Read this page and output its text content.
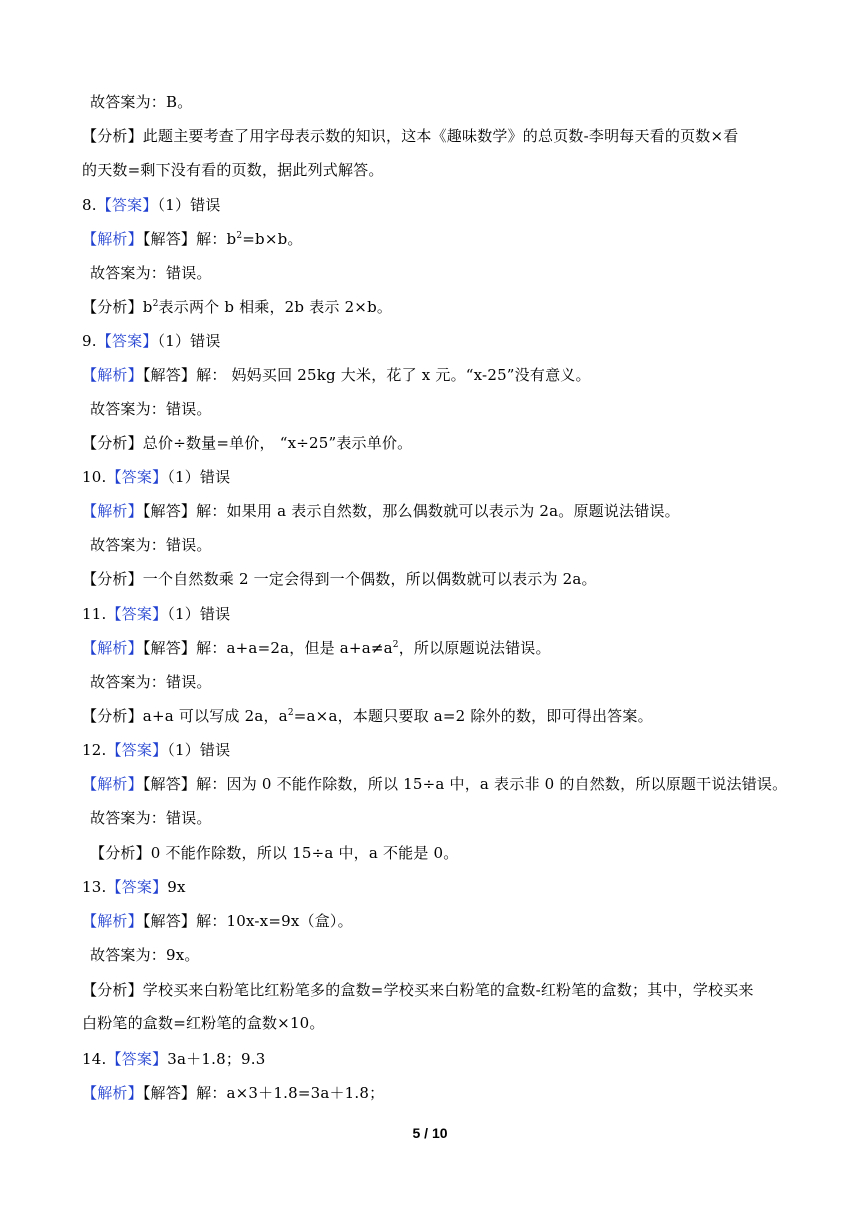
故答案为：B。
【分析】此题主要考查了用字母表示数的知识，这本《趣味数学》的总页数-李明每天看的页数×看
的天数=剩下没有看的页数，据此列式解答。
8.【答案】（1）错误
【解析】【解答】解：$b^2=b\times b$。
故答案为：错误。
【分析】$b^2$表示两个 b 相乘，2b 表示 2×b。
9.【答案】（1）错误
【解析】【解答】解： 妈妈买回 25kg 大米，花了 x 元。“x-25”没有意义。
故答案为：错误。
【分析】总价÷数量=单价， “x÷25”表示单价。
10.【答案】（1）错误
【解析】【解答】解：如果用 a 表示自然数，那么偶数就可以表示为 2a。原题说法错误。
故答案为：错误。
【分析】一个自然数乘 2 一定会得到一个偶数，所以偶数就可以表示为 2a。
11.【答案】（1）错误
【解析】【解答】解：a+a=2a，但是 $a+a\ne a^2$，所以原题说法错误。
故答案为：错误。
【分析】a+a 可以写成 2a，$a^2=a\times a$，本题只要取 a=2 除外的数，即可得出答案。
12.【答案】（1）错误
【解析】【解答】解：因为 0 不能作除数，所以 15÷a 中，a 表示非 0 的自然数，所以原题干说法错误。
故答案为：错误。
【分析】0 不能作除数，所以 15÷a 中，a 不能是 0。
13.【答案】9x
【解析】【解答】解：10x-x=9x（盒）。
故答案为：9x。
【分析】学校买来白粉笔比红粉笔多的盒数=学校买来白粉笔的盒数-红粉笔的盒数；其中，学校买来
白粉笔的盒数=红粉笔的盒数×10。
14.【答案】3a＋1.8；9.3
【解析】【解答】解：a×3＋1.8=3a＋1.8；
5 / 10
